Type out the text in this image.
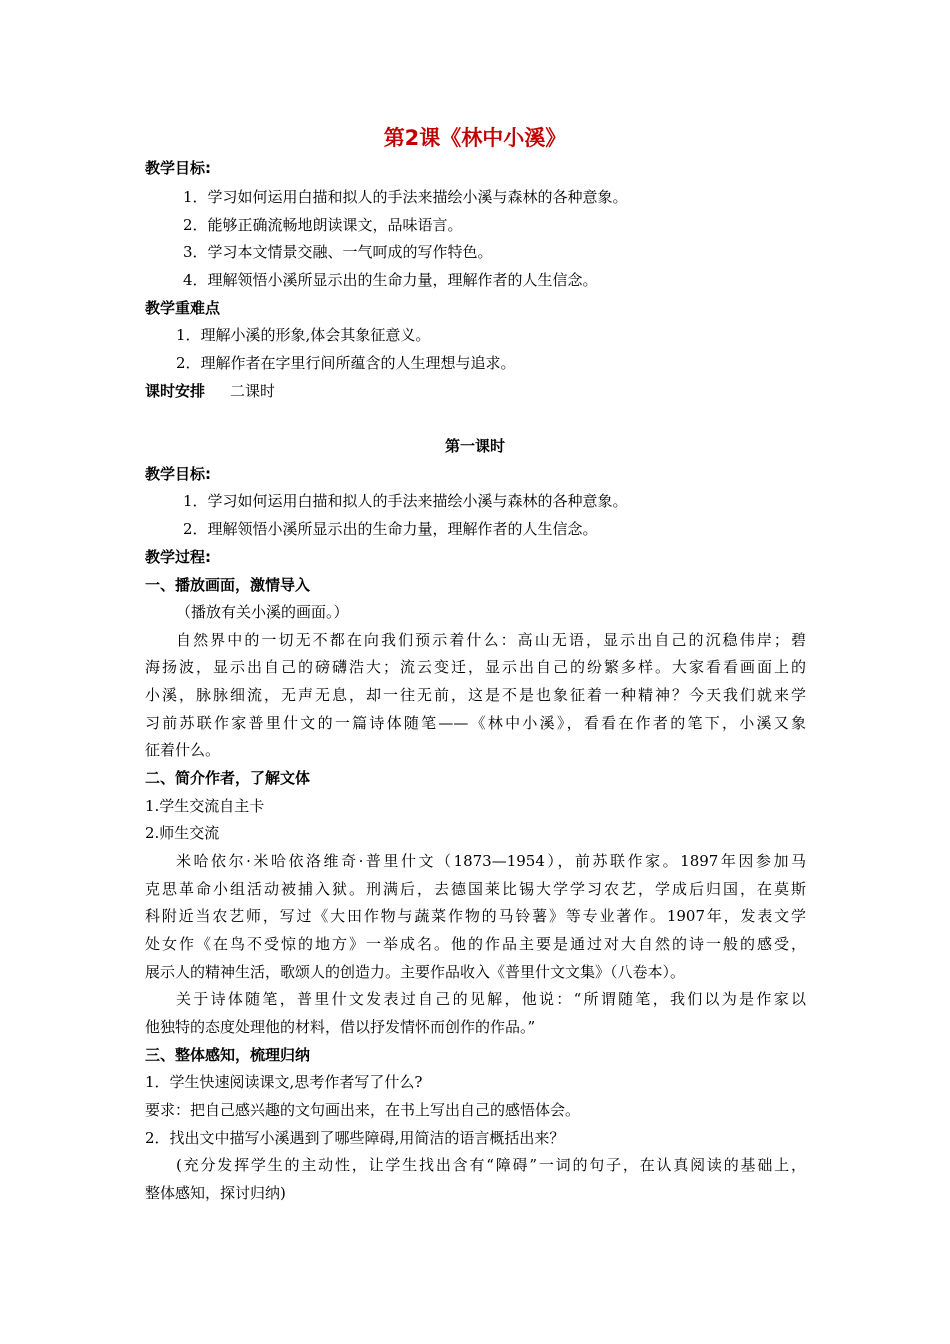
第2课《林中小溪》
教学目标:
1．学习如何运用白描和拟人的手法来描绘小溪与森林的各种意象。
2．能够正确流畅地朗读课文，品味语言。
3．学习本文情景交融、一气呵成的写作特色。
4．理解领悟小溪所显示出的生命力量，理解作者的人生信念。
教学重难点
1．理解小溪的形象,体会其象征意义。
2．理解作者在字里行间所蕴含的人生理想与追求。
课时安排 二课时
第一课时
教学目标:
1．学习如何运用白描和拟人的手法来描绘小溪与森林的各种意象。
2．理解领悟小溪所显示出的生命力量，理解作者的人生信念。
教学过程:
一、播放画面，激情导入
（播放有关小溪的画面。）
自然界中的一切无不都在向我们预示着什么：高山无语，显示出自己的沉稳伟岸；碧
海扬波，显示出自己的磅礴浩大；流云变迁，显示出自己的纷繁多样。大家看看画面上的
小溪，脉脉细流，无声无息，却一往无前，这是不是也象征着一种精神？今天我们就来学
习前苏联作家普里什文的一篇诗体随笔——《林中小溪》，看看在作者的笔下，小溪又象
征着什么。
二、简介作者，了解文体
1.学生交流自主卡
2.师生交流
米哈依尔·米哈依洛维奇·普里什文（1873—1954），前苏联作家。1897年因参加马
克思革命小组活动被捕入狱。刑满后，去德国莱比锡大学学习农艺，学成后归国，在莫斯
科附近当农艺师，写过《大田作物与蔬菜作物的马铃薯》等专业著作。1907年，发表文学
处女作《在鸟不受惊的地方》一举成名。他的作品主要是通过对大自然的诗一般的感受，
展示人的精神生活，歌颂人的创造力。主要作品收入《普里什文文集》（八卷本）。
关于诗体随笔，普里什文发表过自己的见解，他说：“所谓随笔，我们以为是作家以
他独特的态度处理他的材料，借以抒发情怀而创作的作品。”
三、整体感知，梳理归纳
1．学生快速阅读课文,思考作者写了什么?
要求：把自己感兴趣的文句画出来，在书上写出自己的感悟体会。
2．找出文中描写小溪遇到了哪些障碍,用简洁的语言概括出来？
(充分发挥学生的主动性，让学生找出含有“障碍”一词的句子，在认真阅读的基础上，
整体感知，探讨归纳)
